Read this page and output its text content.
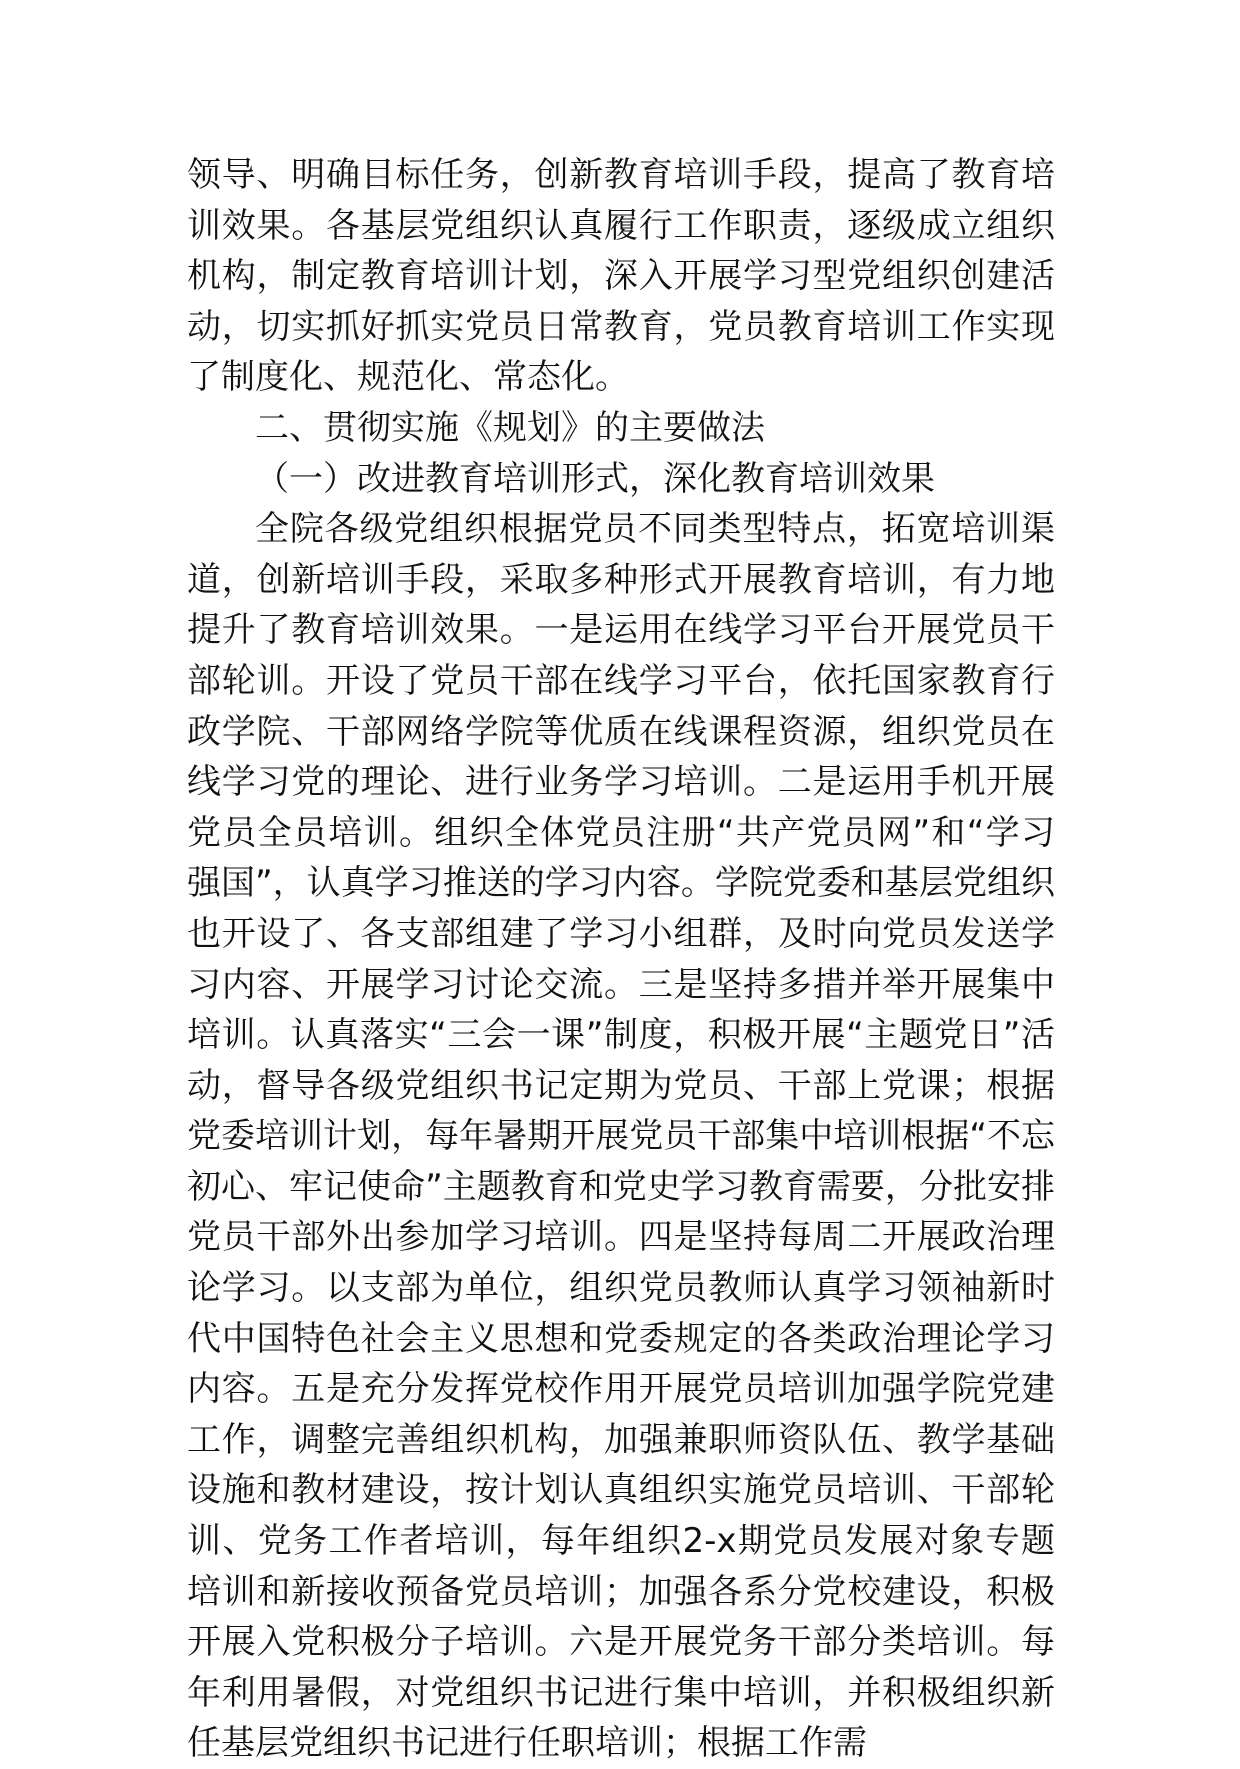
领导、明确目标任务，创新教育培训手段，提高了教育培训效果。各基层党组织认真履行工作职责，逐级成立组织机构，制定教育培训计划，深入开展学习型党组织创建活动，切实抓好抓实党员日常教育，党员教育培训工作实现了制度化、规范化、常态化。

二、贯彻实施《规划》的主要做法

（一）改进教育培训形式，深化教育培训效果

全院各级党组织根据党员不同类型特点，拓宽培训渠道，创新培训手段，采取多种形式开展教育培训，有力地提升了教育培训效果。一是运用在线学习平台开展党员干部轮训。开设了党员干部在线学习平台，依托国家教育行政学院、干部网络学院等优质在线课程资源，组织党员在线学习党的理论、进行业务学习培训。二是运用手机开展党员全员培训。组织全体党员注册“共产党员网”和“学习强国”，认真学习推送的学习内容。学院党委和基层党组织也开设了、各支部组建了学习小组群，及时向党员发送学习内容、开展学习讨论交流。三是坚持多措并举开展集中培训。认真落实“三会一课”制度，积极开展“主题党日”活动，督导各级党组织书记定期为党员、干部上党课；根据党委培训计划，每年暑期开展党员干部集中培训根据“不忘初心、牢记使命”主题教育和党史学习教育需要，分批安排党员干部外出参加学习培训。四是坚持每周二开展政治理论学习。以支部为单位，组织党员教师认真学习领袖新时代中国特色社会主义思想和党委规定的各类政治理论学习内容。五是充分发挥党校作用开展党员培训加强学院党建工作，调整完善组织机构，加强兼职师资队伍、教学基础设施和教材建设，按计划认真组织实施党员培训、干部轮训、党务工作者培训，每年组织2-x期党员发展对象专题培训和新接收预备党员培训；加强各系分党校建设，积极开展入党积极分子培训。六是开展党务干部分类培训。每年利用暑假，对党组织书记进行集中培训，并积极组织新任基层党组织书记进行任职培训；根据工作需
